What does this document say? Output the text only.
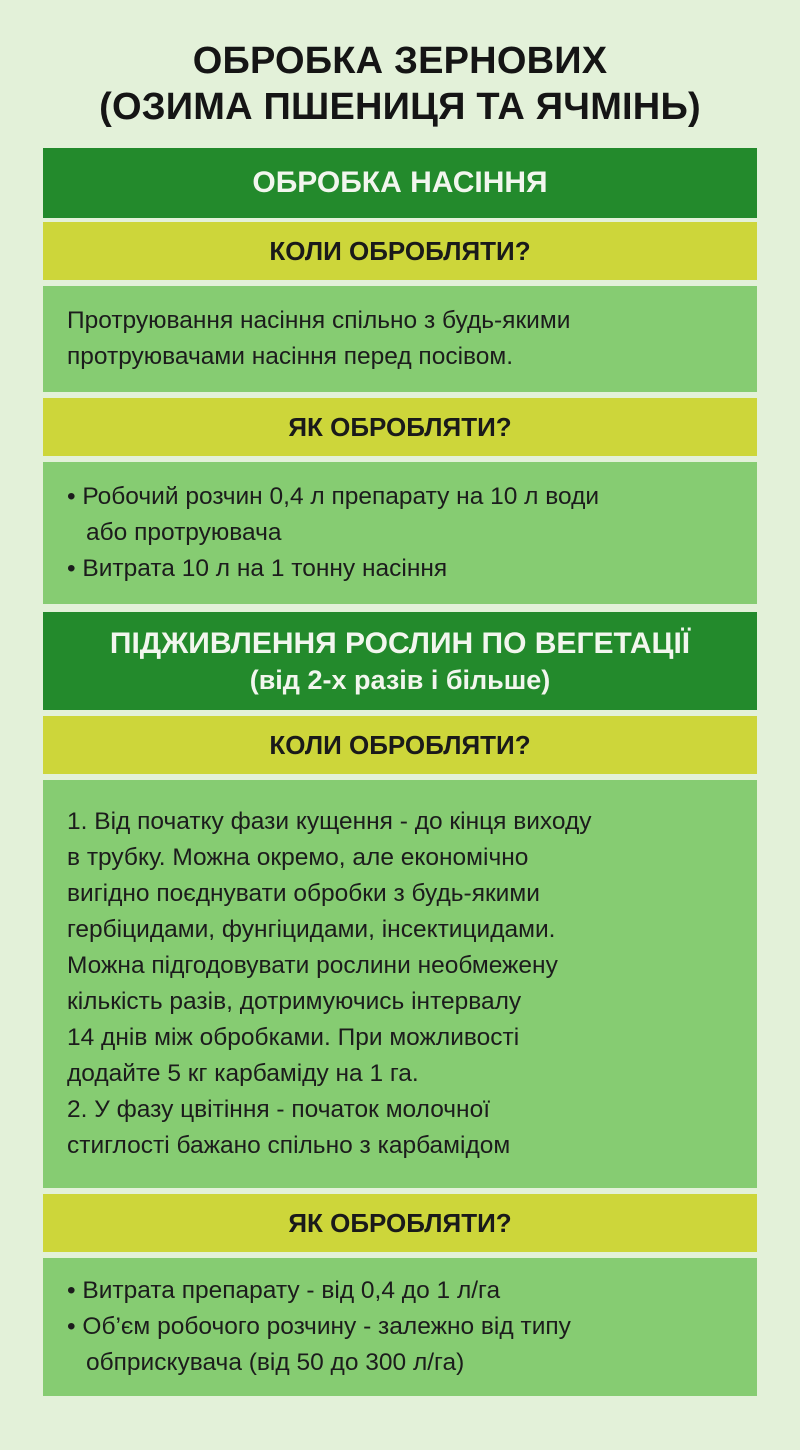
ОБРОБКА ЗЕРНОВИХ
(ОЗИМА ПШЕНИЦЯ ТА ЯЧМІНЬ)
ОБРОБКА НАСІННЯ
КОЛИ ОБРОБЛЯТИ?
Протруювання насіння спільно з будь-якими
протруювачами насіння перед посівом.
ЯК ОБРОБЛЯТИ?
• Робочий розчин 0,4 л препарату на 10 л води
або протруювача
• Витрата 10 л на 1 тонну насіння
ПІДЖИВЛЕННЯ РОСЛИН ПО ВЕГЕТАЦІЇ
(від 2-х разів і більше)
КОЛИ ОБРОБЛЯТИ?
1. Від початку фази кущення - до кінця виходу
в трубку. Можна окремо, але економічно
вигідно поєднувати обробки з будь-якими
гербіцидами, фунгіцидами, інсектицидами.
Можна підгодовувати рослини необмежену
кількість разів, дотримуючись інтервалу
14 днів між обробками. При можливості
додайте 5 кг карбаміду на 1 га.
2. У фазу цвітіння - початок молочної
стиглості бажано спільно з карбамідом
ЯК ОБРОБЛЯТИ?
• Витрата препарату - від 0,4 до 1 л/га
• Об’єм робочого розчину - залежно від типу
обприскувача (від 50 до 300 л/га)
